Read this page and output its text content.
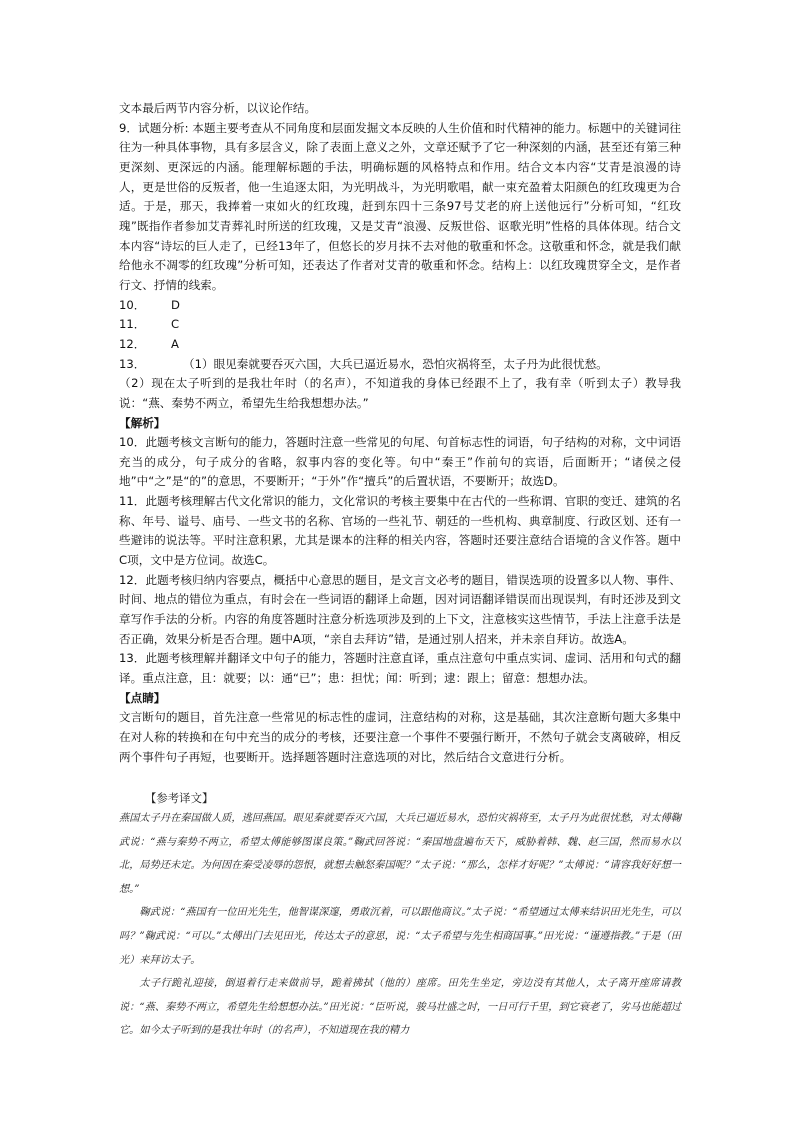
文本最后两节内容分析，以议论作结。

9．试题分析: 本题主要考查从不同角度和层面发掘文本反映的人生价值和时代精神的能力。标题中的关键词往往为一种具体事物，具有多层含义，除了表面上意义之外，文章还赋予了它一种深刻的内涵，甚至还有第三种更深刻、更深远的内涵。能理解标题的手法，明确标题的风格特点和作用。结合文本内容“艾青是浪漫的诗人，更是世俗的反叛者，他一生追逐太阳，为光明战斗，为光明歌唱，献一束充盈着太阳颜色的红玫瑰更为合适。于是，那天，我捧着一束如火的红玫瑰，赶到东四十三条97号艾老的府上送他远行”分析可知，“红玫瑰”既指作者参加艾青葬礼时所送的红玫瑰，又是艾青“浪漫、反叛世俗、讴歌光明”性格的具体体现。结合文本内容“诗坛的巨人走了，已经13年了，但悠长的岁月抹不去对他的敬重和怀念。这敬重和怀念，就是我们献给他永不凋零的红玫瑰”分析可知，还表达了作者对艾青的敬重和怀念。结构上：以红玫瑰贯穿全文，是作者行文、抒情的线索。

10． D

11． C

12． A

13．	（1）眼见秦就要吞灭六国，大兵已逼近易水，恐怕灾祸将至，太子丹为此很忧愁。

（2）现在太子听到的是我壮年时（的名声），不知道我的身体已经跟不上了，我有幸（听到太子）教导我说：“燕、秦势不两立，希望先生给我想想办法。”

【解析】

10．此题考核文言断句的能力，答题时注意一些常见的句尾、句首标志性的词语，句子结构的对称，文中词语充当的成分，句子成分的省略，叙事内容的变化等。句中“秦王”作前句的宾语，后面断开；“诸侯之侵地”中“之”是“的”的意思，不要断开；“于外”作“擅兵”的后置状语，不要断开；故选D。

11．此题考核理解古代文化常识的能力，文化常识的考核主要集中在古代的一些称谓、官职的变迁、建筑的名称、年号、谥号、庙号、一些文书的名称、官场的一些礼节、朝廷的一些机构、典章制度、行政区划、还有一些避讳的说法等。平时注意积累，尤其是课本的注释的相关内容，答题时还要注意结合语境的含义作答。题中C项，文中是方位词。故选C。

12．此题考核归纳内容要点，概括中心意思的题目，是文言文必考的题目，错误选项的设置多以人物、事件、时间、地点的错位为重点，有时会在一些词语的翻译上命题，因对词语翻译错误而出现误判，有时还涉及到文章写作手法的分析。内容的角度答题时注意分析选项涉及到的上下文，注意核实这些情节，手法上注意手法是否正确，效果分析是否合理。题中A项，“亲自去拜访”错，是通过别人招来，并未亲自拜访。故选A。

13．此题考核理解并翻译文中句子的能力，答题时注意直译，重点注意句中重点实词、虚词、活用和句式的翻译。重点注意，且：就要；以：通“已”；患：担忧；闻：听到；逮：跟上；留意：想想办法。

【点睛】

文言断句的题目，首先注意一些常见的标志性的虚词，注意结构的对称，这是基础，其次注意断句题大多集中在对人称的转换和在句中充当的成分的考核，还要注意一个事件不要强行断开，不然句子就会支离破碎，相反两个事件句子再短，也要断开。选择题答题时注意选项的对比，然后结合文意进行分析。

【参考译文】

燕国太子丹在秦国做人质，逃回燕国。眼见秦就要吞灭六国，大兵已逼近易水，恐怕灾祸将至，太子丹为此很忧愁，对太傅鞠武说：“燕与秦势不两立，希望太傅能够图谋良策。”鞠武回答说：“秦国地盘遍布天下，威胁着韩、魏、赵三国，然而易水以北，局势还未定。为何因在秦受凌辱的怨恨，就想去触怒秦国呢？”太子说：“那么，怎样才好呢？”太傅说：“请容我好好想一想。”

鞠武说：“燕国有一位田光先生，他智谋深邃，勇敢沉着，可以跟他商议。”太子说：“希望通过太傅来结识田光先生，可以吗？”鞠武说：“可以。”太傅出门去见田光，传达太子的意思，说：“太子希望与先生相商国事。”田光说：“谨遵指教。”于是（田光）来拜访太子。

太子行跪礼迎接，倒退着行走来做前导，跪着拂拭（他的）座席。田先生坐定，旁边没有其他人，太子离开座席请教说：“燕、秦势不两立，希望先生给想想办法。”田光说：“臣听说，骏马壮盛之时，一日可行千里，到它衰老了，劣马也能超过它。如今太子听到的是我壮年时（的名声），不知道现在我的精力
